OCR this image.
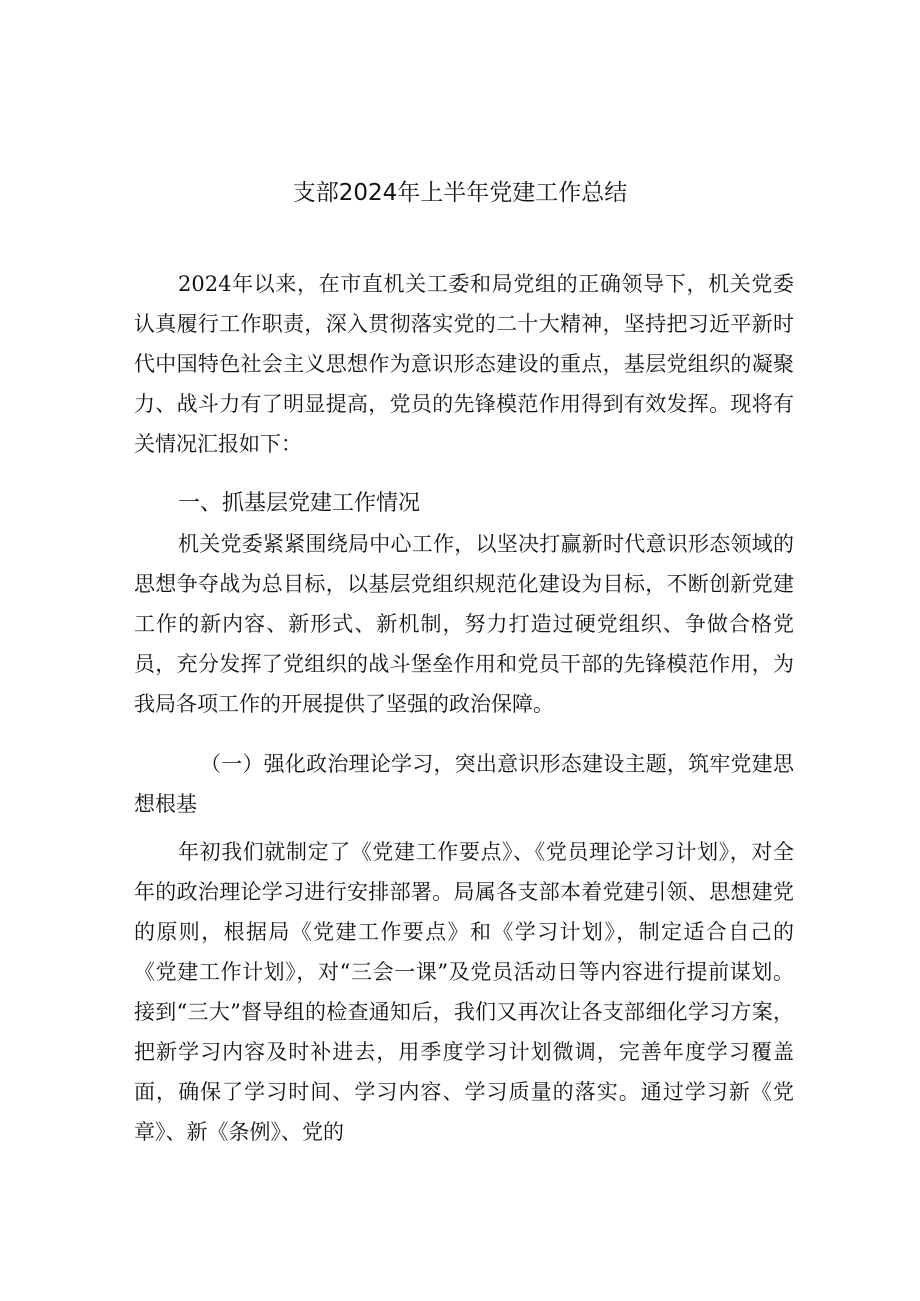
支部2024年上半年党建工作总结

2024年以来，在市直机关工委和局党组的正确领导下，机关党委认真履行工作职责，深入贯彻落实党的二十大精神，坚持把习近平新时代中国特色社会主义思想作为意识形态建设的重点，基层党组织的凝聚力、战斗力有了明显提高，党员的先锋模范作用得到有效发挥。现将有关情况汇报如下：

一、抓基层党建工作情况

机关党委紧紧围绕局中心工作，以坚决打赢新时代意识形态领域的思想争夺战为总目标，以基层党组织规范化建设为目标，不断创新党建工作的新内容、新形式、新机制，努力打造过硬党组织、争做合格党员，充分发挥了党组织的战斗堡垒作用和党员干部的先锋模范作用，为我局各项工作的开展提供了坚强的政治保障。

（一）强化政治理论学习，突出意识形态建设主题，筑牢党建思想根基

年初我们就制定了《党建工作要点》、《党员理论学习计划》，对全年的政治理论学习进行安排部署。局属各支部本着党建引领、思想建党的原则，根据局《党建工作要点》和《学习计划》，制定适合自己的《党建工作计划》，对“三会一课”及党员活动日等内容进行提前谋划。接到“三大”督导组的检查通知后，我们又再次让各支部细化学习方案，把新学习内容及时补进去，用季度学习计划微调，完善年度学习覆盖面，确保了学习时间、学习内容、学习质量的落实。通过学习新《党章》、新《条例》、党的
